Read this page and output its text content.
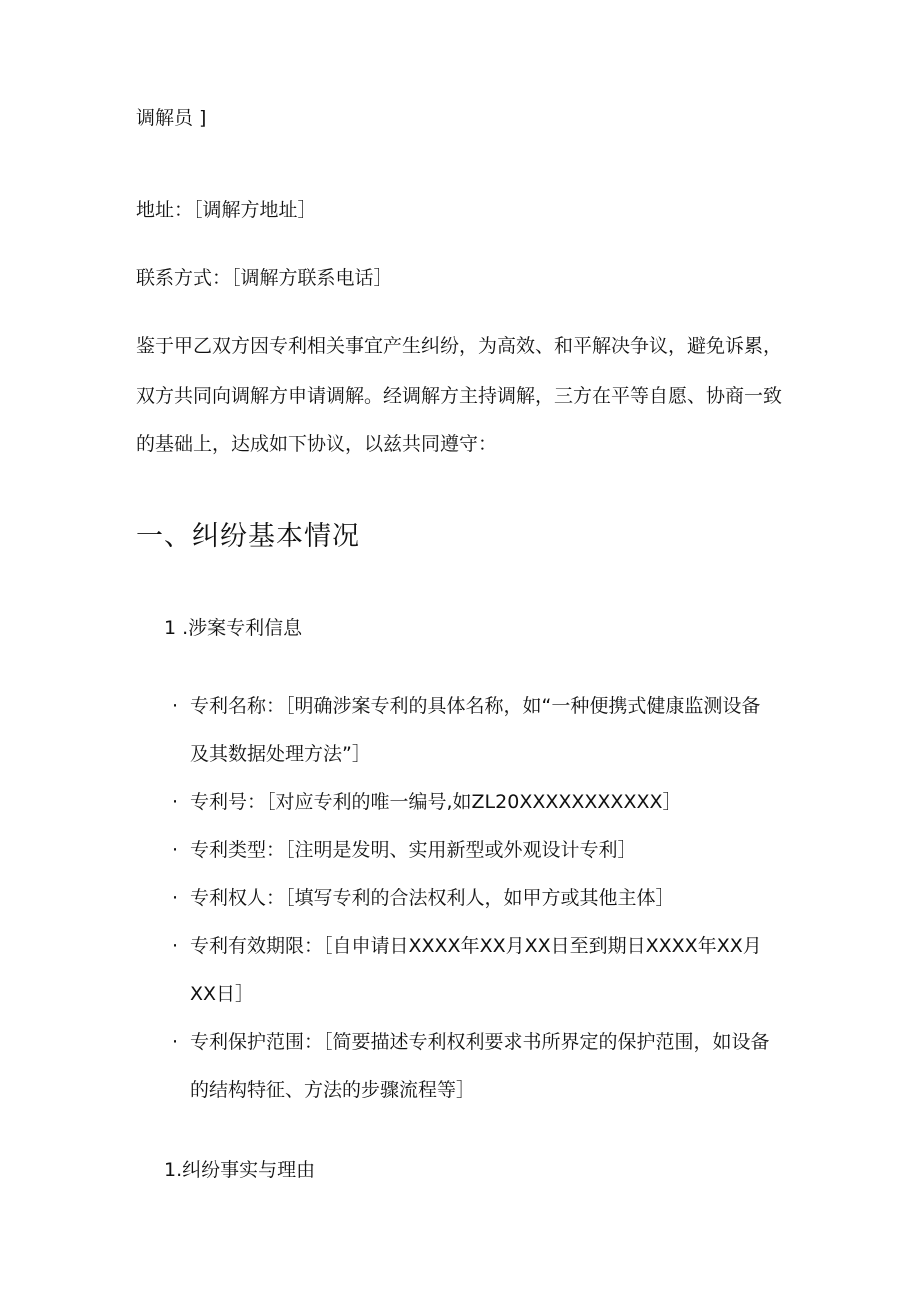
调解员 ]
地址：［调解方地址］
联系方式：［调解方联系电话］
鉴于甲乙双方因专利相关事宜产生纠纷，为高效、和平解决争议，避免诉累，
双方共同向调解方申请调解。经调解方主持调解，三方在平等自愿、协商一致
的基础上，达成如下协议，以兹共同遵守：
一、纠纷基本情况
1 .涉案专利信息
· 专利名称：［明确涉案专利的具体名称，如“一种便携式健康监测设备
及其数据处理方法”］
· 专利号：［对应专利的唯一编号,如ZL20XXXXXXXXXXX］
· 专利类型：［注明是发明、实用新型或外观设计专利］
· 专利权人：［填写专利的合法权利人，如甲方或其他主体］
· 专利有效期限：［自申请日XXXX年XX月XX日至到期日XXXX年XX月
XX日］
· 专利保护范围：［简要描述专利权利要求书所界定的保护范围，如设备
的结构特征、方法的步骤流程等］
1.纠纷事实与理由
